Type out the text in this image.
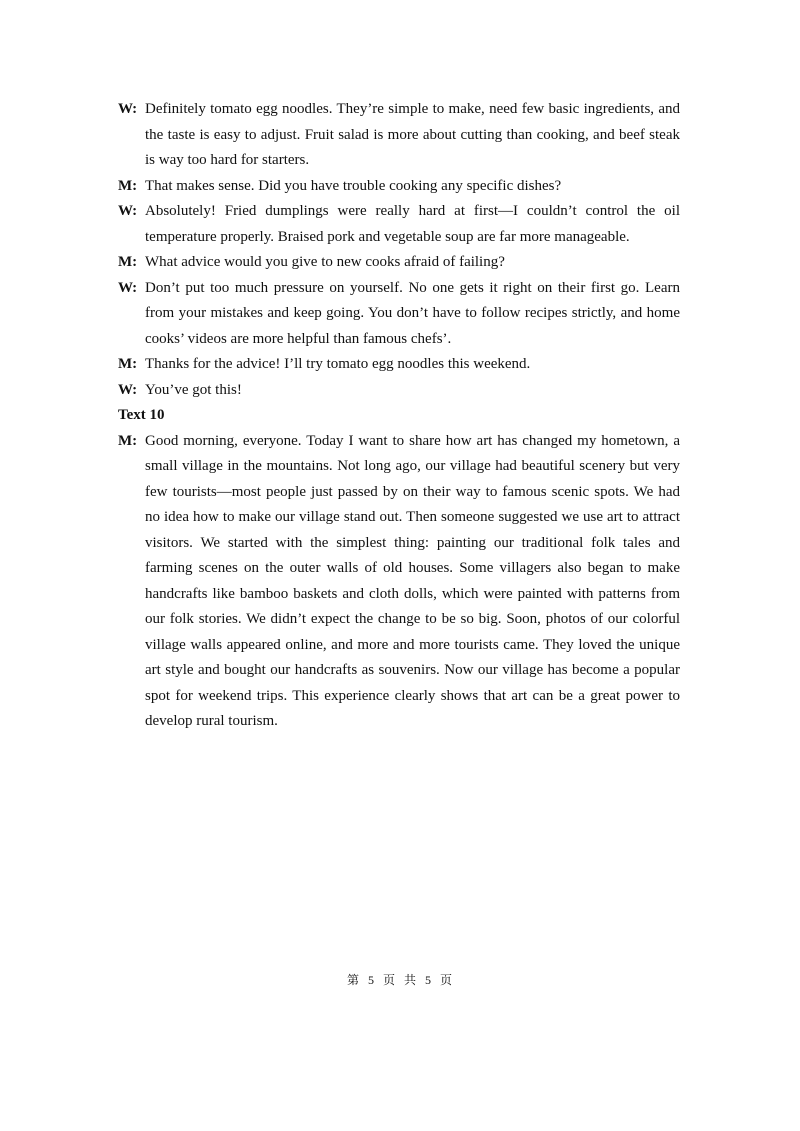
W: Definitely tomato egg noodles. They’re simple to make, need few basic ingredients, and the taste is easy to adjust. Fruit salad is more about cutting than cooking, and beef steak is way too hard for starters.

M: That makes sense. Did you have trouble cooking any specific dishes?

W: Absolutely! Fried dumplings were really hard at first—I couldn’t control the oil temperature properly. Braised pork and vegetable soup are far more manageable.

M: What advice would you give to new cooks afraid of failing?

W: Don’t put too much pressure on yourself. No one gets it right on their first go. Learn from your mistakes and keep going. You don’t have to follow recipes strictly, and home cooks’ videos are more helpful than famous chefs’.

M: Thanks for the advice! I’ll try tomato egg noodles this weekend.

W: You’ve got this!

Text 10

M: Good morning, everyone. Today I want to share how art has changed my hometown, a small village in the mountains. Not long ago, our village had beautiful scenery but very few tourists—most people just passed by on their way to famous scenic spots. We had no idea how to make our village stand out. Then someone suggested we use art to attract visitors. We started with the simplest thing: painting our traditional folk tales and farming scenes on the outer walls of old houses. Some villagers also began to make handcrafts like bamboo baskets and cloth dolls, which were painted with patterns from our folk stories. We didn’t expect the change to be so big. Soon, photos of our colorful village walls appeared online, and more and more tourists came. They loved the unique art style and bought our handcrafts as souvenirs. Now our village has become a popular spot for weekend trips. This experience clearly shows that art can be a great power to develop rural tourism.

第 5 页 共 5 页
